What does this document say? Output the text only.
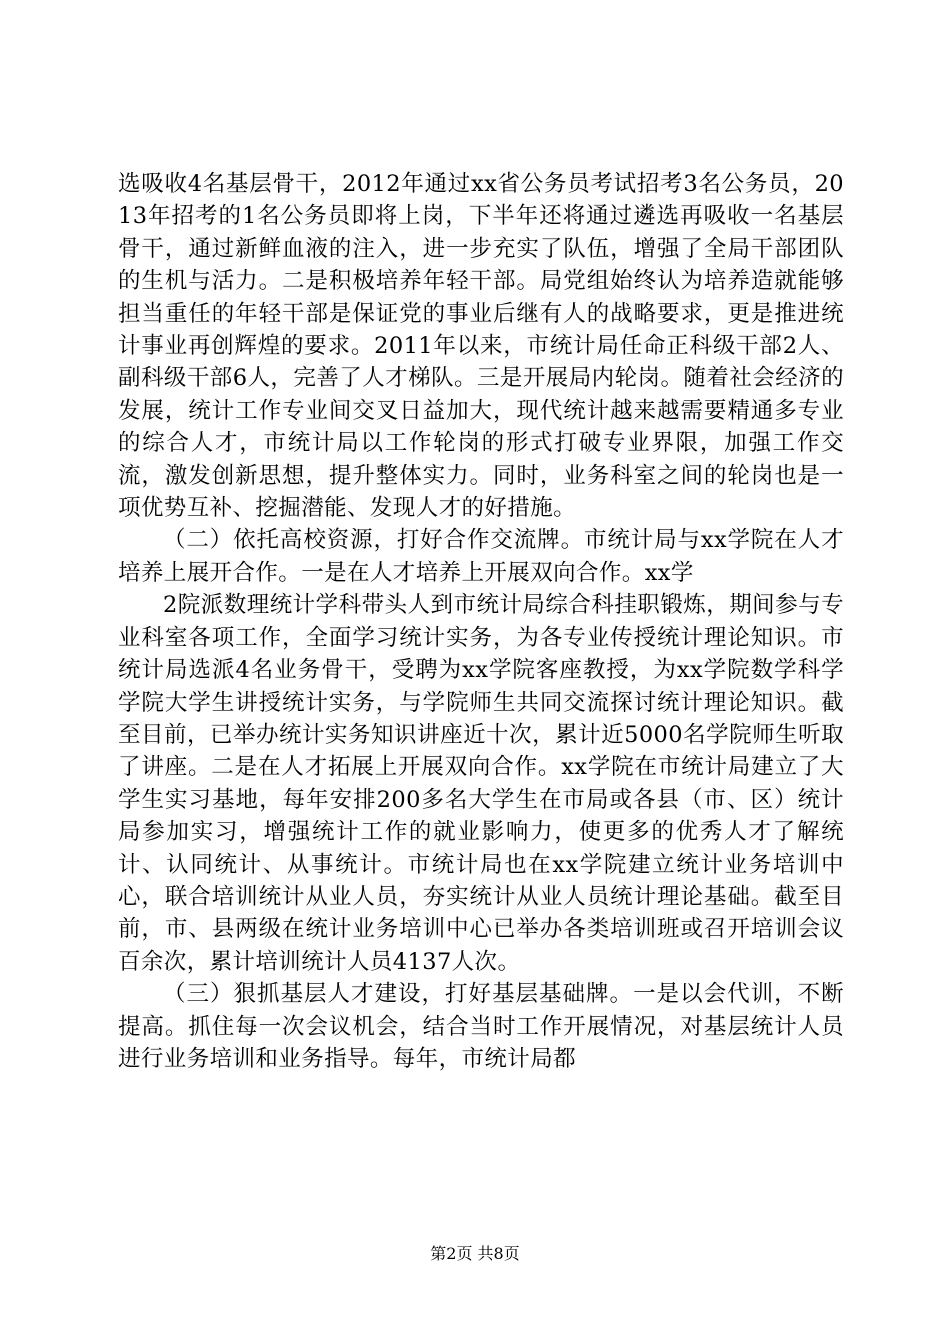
选吸收4名基层骨干，2012年通过xx省公务员考试招考3名公务员，2013年招考的1名公务员即将上岗，下半年还将通过遴选再吸收一名基层骨干，通过新鲜血液的注入，进一步充实了队伍，增强了全局干部团队的生机与活力。二是积极培养年轻干部。局党组始终认为培养造就能够担当重任的年轻干部是保证党的事业后继有人的战略要求，更是推进统计事业再创辉煌的要求。2011年以来，市统计局任命正科级干部2人、副科级干部6人，完善了人才梯队。三是开展局内轮岗。随着社会经济的发展，统计工作专业间交叉日益加大，现代统计越来越需要精通多专业的综合人才，市统计局以工作轮岗的形式打破专业界限，加强工作交流，激发创新思想，提升整体实力。同时，业务科室之间的轮岗也是一项优势互补、挖掘潜能、发现人才的好措施。

（二）依托高校资源，打好合作交流牌。市统计局与xx学院在人才培养上展开合作。一是在人才培养上开展双向合作。xx学

2院派数理统计学科带头人到市统计局综合科挂职锻炼，期间参与专业科室各项工作，全面学习统计实务，为各专业传授统计理论知识。市统计局选派4名业务骨干，受聘为xx学院客座教授，为xx学院数学科学学院大学生讲授统计实务，与学院师生共同交流探讨统计理论知识。截至目前，已举办统计实务知识讲座近十次，累计近5000名学院师生听取了讲座。二是在人才拓展上开展双向合作。xx学院在市统计局建立了大学生实习基地，每年安排200多名大学生在市局或各县（市、区）统计局参加实习，增强统计工作的就业影响力，使更多的优秀人才了解统计、认同统计、从事统计。市统计局也在xx学院建立统计业务培训中心，联合培训统计从业人员，夯实统计从业人员统计理论基础。截至目前，市、县两级在统计业务培训中心已举办各类培训班或召开培训会议百余次，累计培训统计人员4137人次。

（三）狠抓基层人才建设，打好基层基础牌。一是以会代训，不断提高。抓住每一次会议机会，结合当时工作开展情况，对基层统计人员进行业务培训和业务指导。每年，市统计局都

第2页 共8页
